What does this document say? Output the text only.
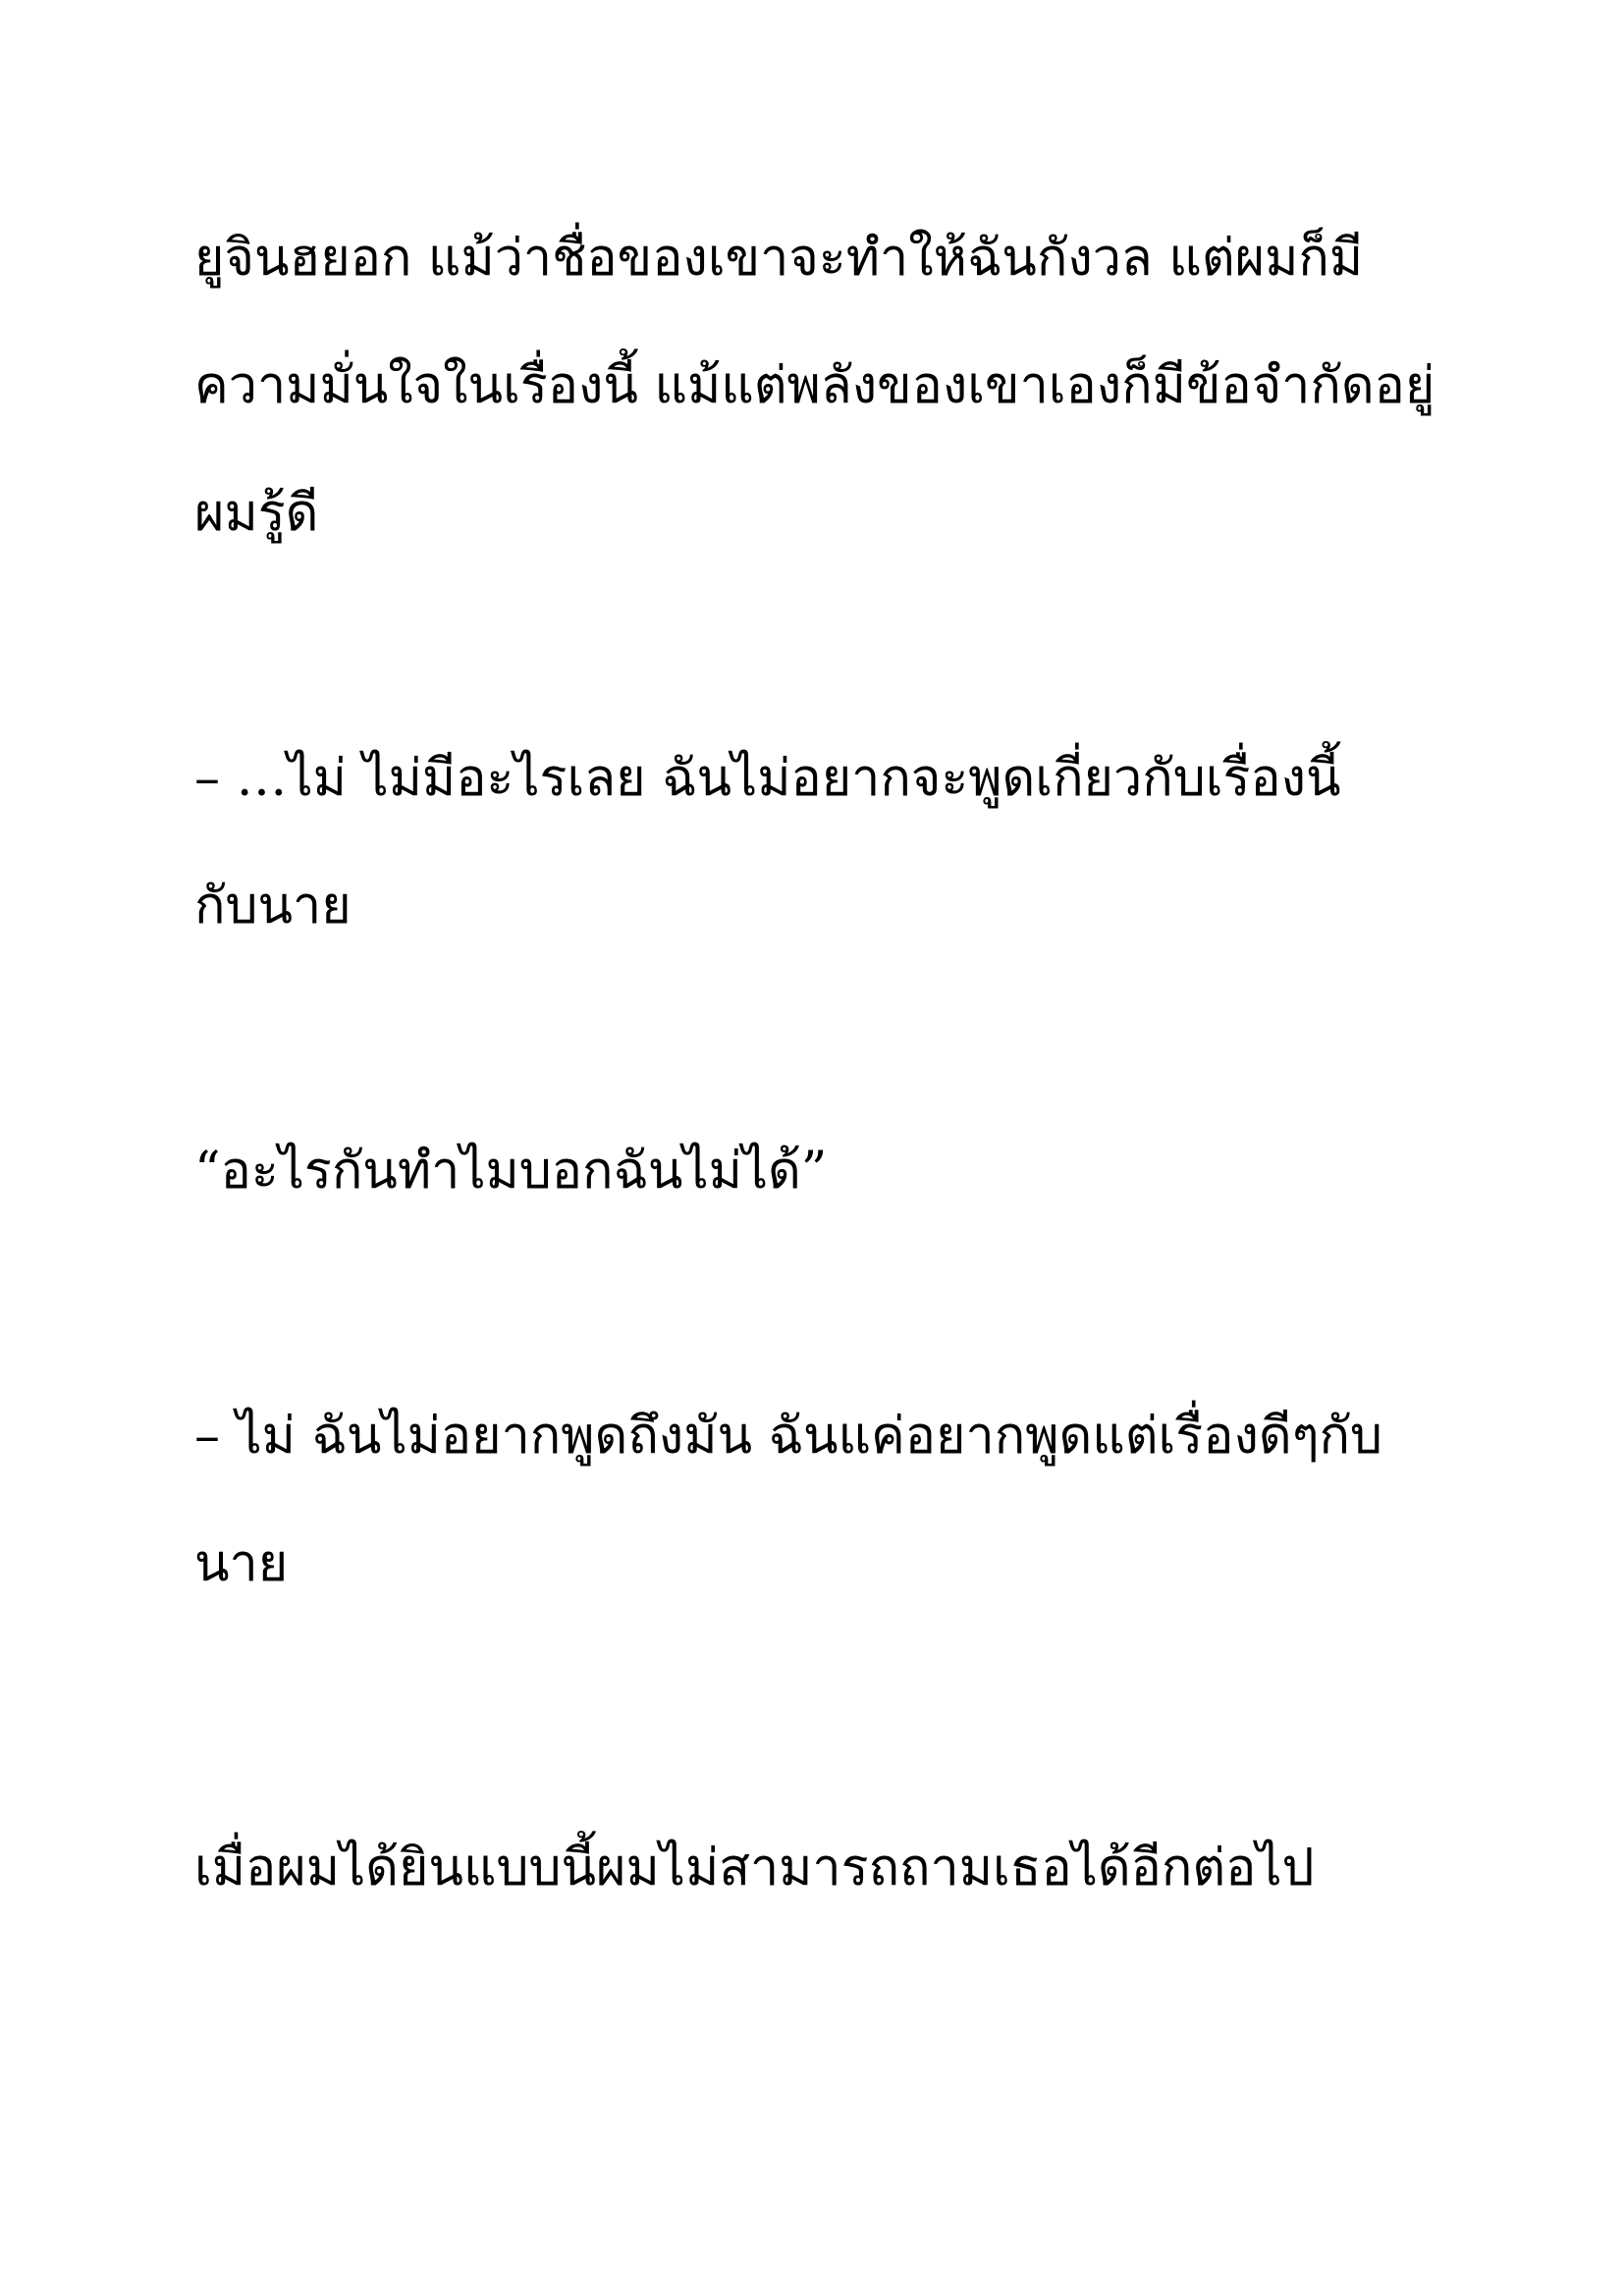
ยูจินฮยอก แม้ว่าชื่อของเขาจะทำให้ฉันกังวล แต่ผมก็มี
ความมั่นใจในเรื่องนี้ แม้แต่พลังของเขาเองก็มีข้อจำกัดอยู่
ผมรู้ดี

– …ไม่ ไม่มีอะไรเลย ฉันไม่อยากจะพูดเกี่ยวกับเรื่องนี้
กับนาย

“อะไรกันทำไมบอกฉันไม่ได้”

– ไม่ ฉันไม่อยากพูดถึงมัน ฉันแค่อยากพูดแต่เรื่องดีๆกับ
นาย

เมื่อผมได้ยินแบบนี้ผมไม่สามารถถามเธอได้อีกต่อไป
